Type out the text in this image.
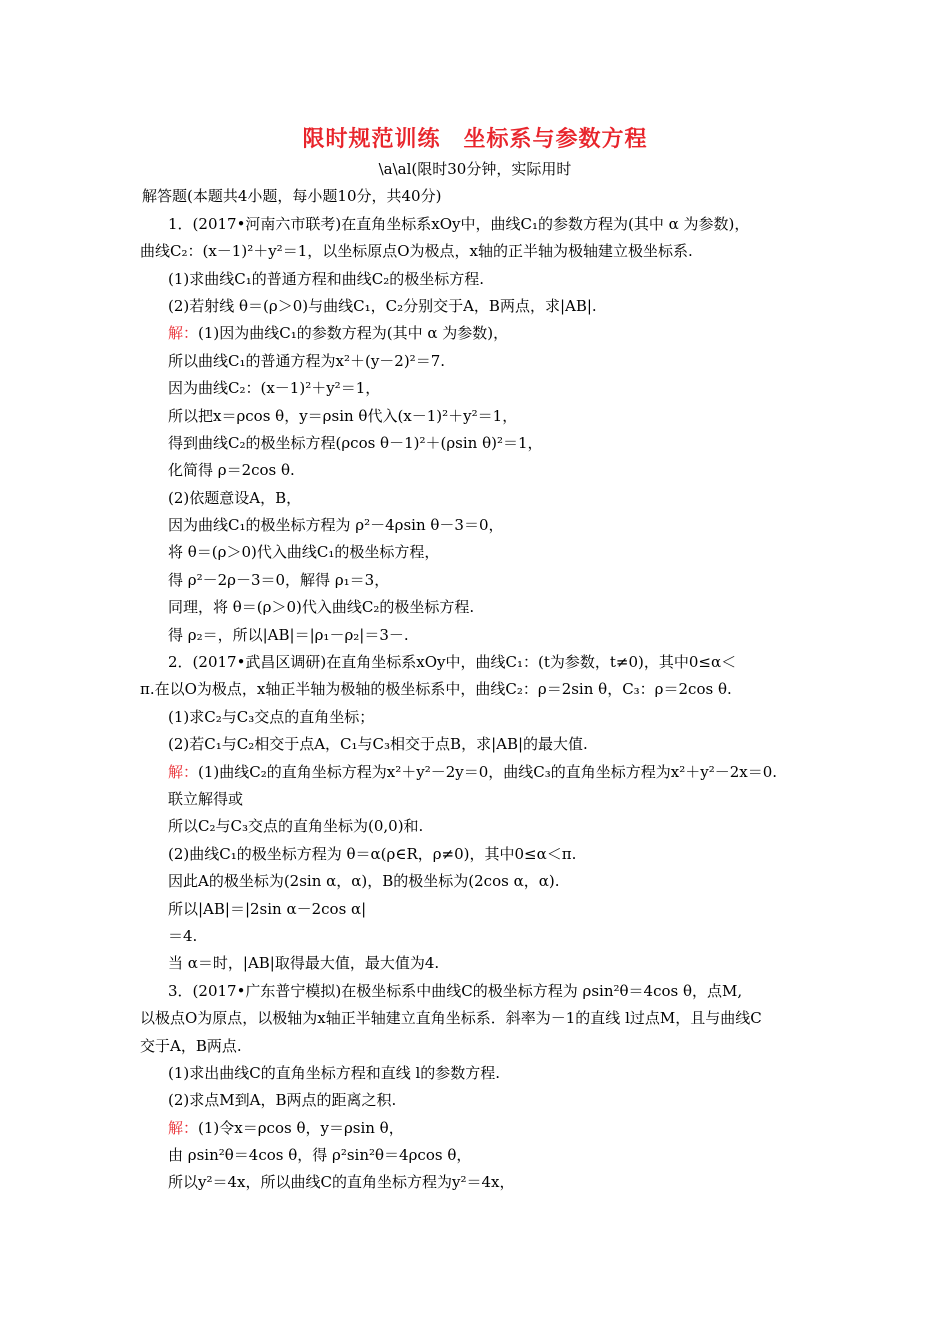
限时规范训练　坐标系与参数方程
\a\al(限时30分钟，实际用时
解答题(本题共4小题，每小题10分，共40分)
1．(2017•河南六市联考)在直角坐标系xOy中，曲线C₁的参数方程为(其中 α 为参数)，
曲线C₂：(x－1)²＋y²＝1，以坐标原点O为极点，x轴的正半轴为极轴建立极坐标系.
(1)求曲线C₁的普通方程和曲线C₂的极坐标方程.
(2)若射线 θ＝(ρ＞0)与曲线C₁，C₂分别交于A，B两点，求|AB|.
解：(1)因为曲线C₁的参数方程为(其中 α 为参数)，
所以曲线C₁的普通方程为x²＋(y－2)²＝7.
因为曲线C₂：(x－1)²＋y²＝1，
所以把x＝ρcos θ，y＝ρsin θ代入(x－1)²＋y²＝1，
得到曲线C₂的极坐标方程(ρcos θ－1)²＋(ρsin θ)²＝1，
化简得 ρ＝2cos θ.
(2)依题意设A，B，
因为曲线C₁的极坐标方程为 ρ²－4ρsin θ－3＝0，
将 θ＝(ρ＞0)代入曲线C₁的极坐标方程，
得 ρ²－2ρ－3＝0，解得 ρ₁＝3，
同理，将 θ＝(ρ＞0)代入曲线C₂的极坐标方程.
得 ρ₂＝，所以|AB|＝|ρ₁－ρ₂|＝3－.
2．(2017•武昌区调研)在直角坐标系xOy中，曲线C₁：(t为参数，t≠0)，其中0≤α＜
π.在以O为极点，x轴正半轴为极轴的极坐标系中，曲线C₂：ρ＝2sin θ，C₃：ρ＝2cos θ.
(1)求C₂与C₃交点的直角坐标；
(2)若C₁与C₂相交于点A，C₁与C₃相交于点B，求|AB|的最大值.
解：(1)曲线C₂的直角坐标方程为x²＋y²－2y＝0，曲线C₃的直角坐标方程为x²＋y²－2x＝0.
联立解得或
所以C₂与C₃交点的直角坐标为(0,0)和.
(2)曲线C₁的极坐标方程为 θ＝α(ρ∈R，ρ≠0)，其中0≤α＜π.
因此A的极坐标为(2sin α，α)，B的极坐标为(2cos α，α).
所以|AB|＝|2sin α－2cos α|
＝4.
当 α＝时，|AB|取得最大值，最大值为4.
3．(2017•广东普宁模拟)在极坐标系中曲线C的极坐标方程为 ρsin²θ＝4cos θ，点M,
以极点O为原点，以极轴为x轴正半轴建立直角坐标系．斜率为－1的直线 l过点M，且与曲线C
交于A，B两点.
(1)求出曲线C的直角坐标方程和直线 l的参数方程.
(2)求点M到A，B两点的距离之积.
解：(1)令x＝ρcos θ，y＝ρsin θ，
由 ρsin²θ＝4cos θ，得 ρ²sin²θ＝4ρcos θ，
所以y²＝4x，所以曲线C的直角坐标方程为y²＝4x，
